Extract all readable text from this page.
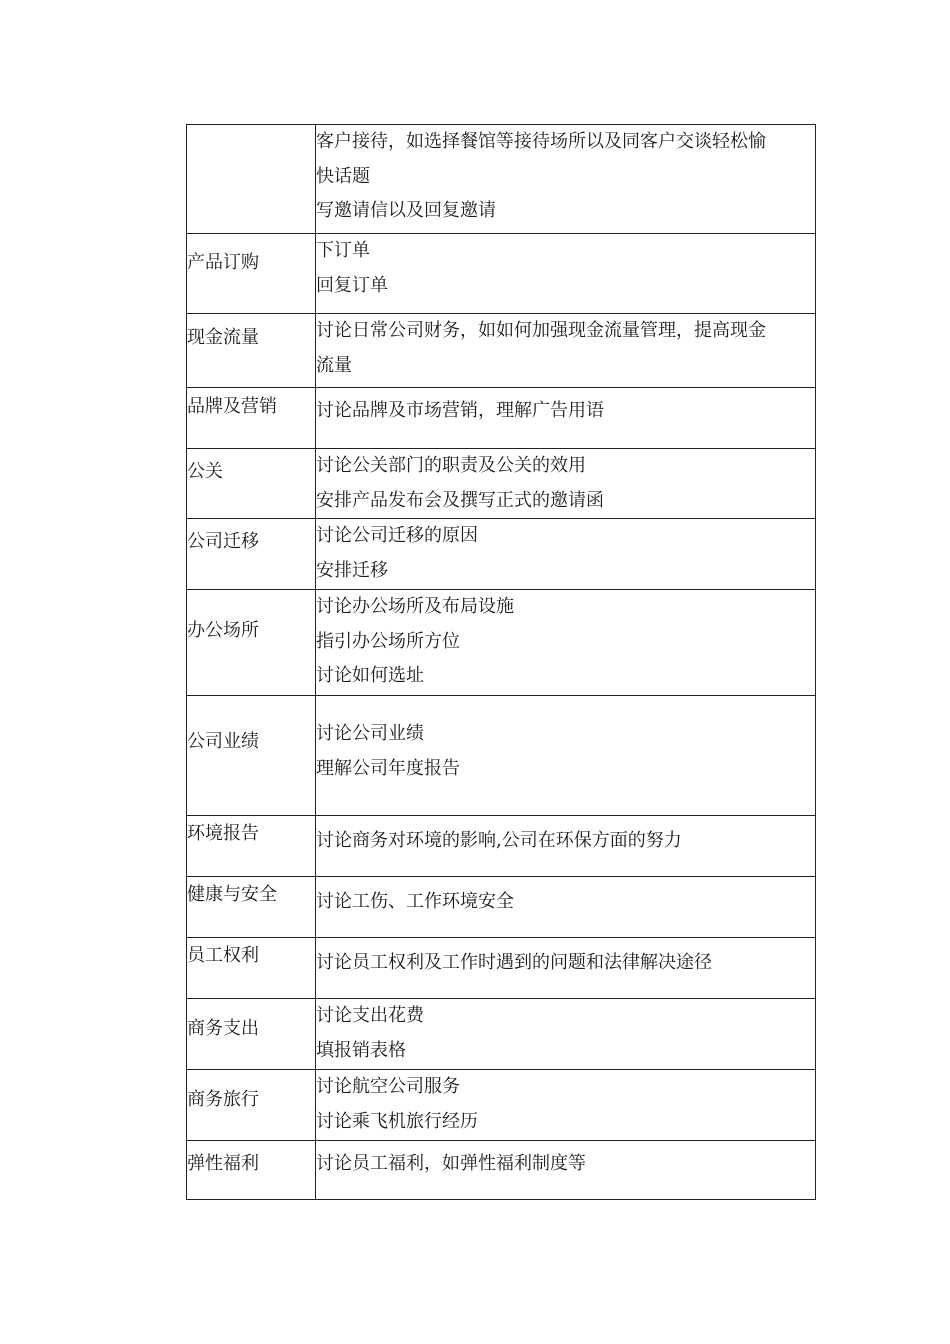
	客户接待，如选择餐馆等接待场所以及同客户交谈轻松愉
快话题
写邀请信以及回复邀请

产品订购	下订单
回复订单

现金流量	讨论日常公司财务，如如何加强现金流量管理，提高现金
流量

品牌及营销	讨论品牌及市场营销，理解广告用语

公关	讨论公关部门的职责及公关的效用
安排产品发布会及撰写正式的邀请函

公司迁移	讨论公司迁移的原因
安排迁移

办公场所	讨论办公场所及布局设施
指引办公场所方位
讨论如何选址

公司业绩	讨论公司业绩
理解公司年度报告

环境报告	讨论商务对环境的影响,公司在环保方面的努力

健康与安全	讨论工伤、工作环境安全

员工权利	讨论员工权利及工作时遇到的问题和法律解决途径

商务支出	讨论支出花费
填报销表格

商务旅行	讨论航空公司服务
讨论乘飞机旅行经历

弹性福利	讨论员工福利，如弹性福利制度等
